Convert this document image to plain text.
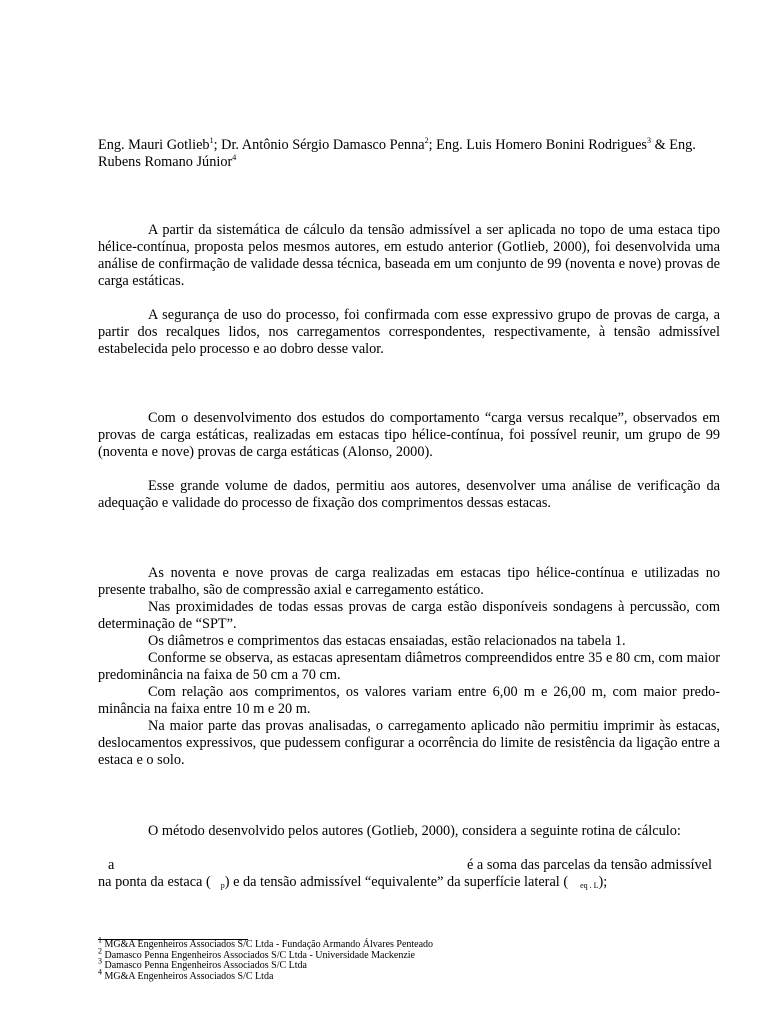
Eng. Mauri Gotlieb$^1$; Dr. Antônio Sérgio Damasco Penna$^2$; Eng. Luis Homero Bonini Rodrigues$^3$ & Eng. Rubens Romano Júnior$^4$

A partir da sistemática de cálculo da tensão admissível a ser aplicada no topo de uma estaca tipo hélice-contínua, proposta pelos mesmos autores, em estudo anterior (Gotlieb, 2000), foi desenvolvida uma análise de confirmação de validade dessa técnica, baseada em um conjunto de 99 (noventa e nove) provas de carga estáticas.

A segurança de uso do processo, foi confirmada com esse expressivo grupo de provas de carga, a partir dos recalques lidos, nos carregamentos correspondentes, respectivamente, à tensão admissível estabelecida pelo processo e ao dobro desse valor.

Com o desenvolvimento dos estudos do comportamento “carga versus recalque”, observados em provas de carga estáticas, realizadas em estacas tipo hélice-contínua, foi possível reunir, um grupo de 99 (noventa e nove) provas de carga estáticas (Alonso, 2000).

Esse grande volume de dados, permitiu aos autores, desenvolver uma análise de verificação da adequação e validade do processo de fixação dos comprimentos dessas estacas.

As noventa e nove provas de carga realizadas em estacas tipo hélice-contínua e utilizadas no presente trabalho, são de compressão axial e carregamento estático.

Nas proximidades de todas essas provas de carga estão disponíveis sondagens à percussão, com determinação de “SPT”.

Os diâmetros e comprimentos das estacas ensaiadas, estão relacionados na tabela 1.

Conforme se observa, as estacas apresentam diâmetros compreendidos entre 35 e 80 cm, com maior predominância na faixa de 50 cm a 70 cm.

Com relação aos comprimentos, os valores variam entre 6,00 m e 26,00 m, com maior predo-minância na faixa entre 10 m e 20 m.

Na maior parte das provas analisadas, o carregamento aplicado não permitiu imprimir às estacas, deslocamentos expressivos, que pudessem configurar a ocorrência do limite de resistência da ligação entre a estaca e o solo.

O método desenvolvido pelos autores (Gotlieb, 2000), considera a seguinte rotina de cálculo:

a	é a soma das parcelas da tensão admissível
na ponta da estaca ( $_p$) e da tensão admissível “equivalente” da superfície lateral ( $_{eq . L}$);
$^1$ MG&A Engenheiros Associados S/C Ltda - Fundação Armando Álvares Penteado
$^2$ Damasco Penna Engenheiros Associados S/C Ltda - Universidade Mackenzie
$^3$ Damasco Penna Engenheiros Associados S/C Ltda
$^4$ MG&A Engenheiros Associados S/C Ltda
